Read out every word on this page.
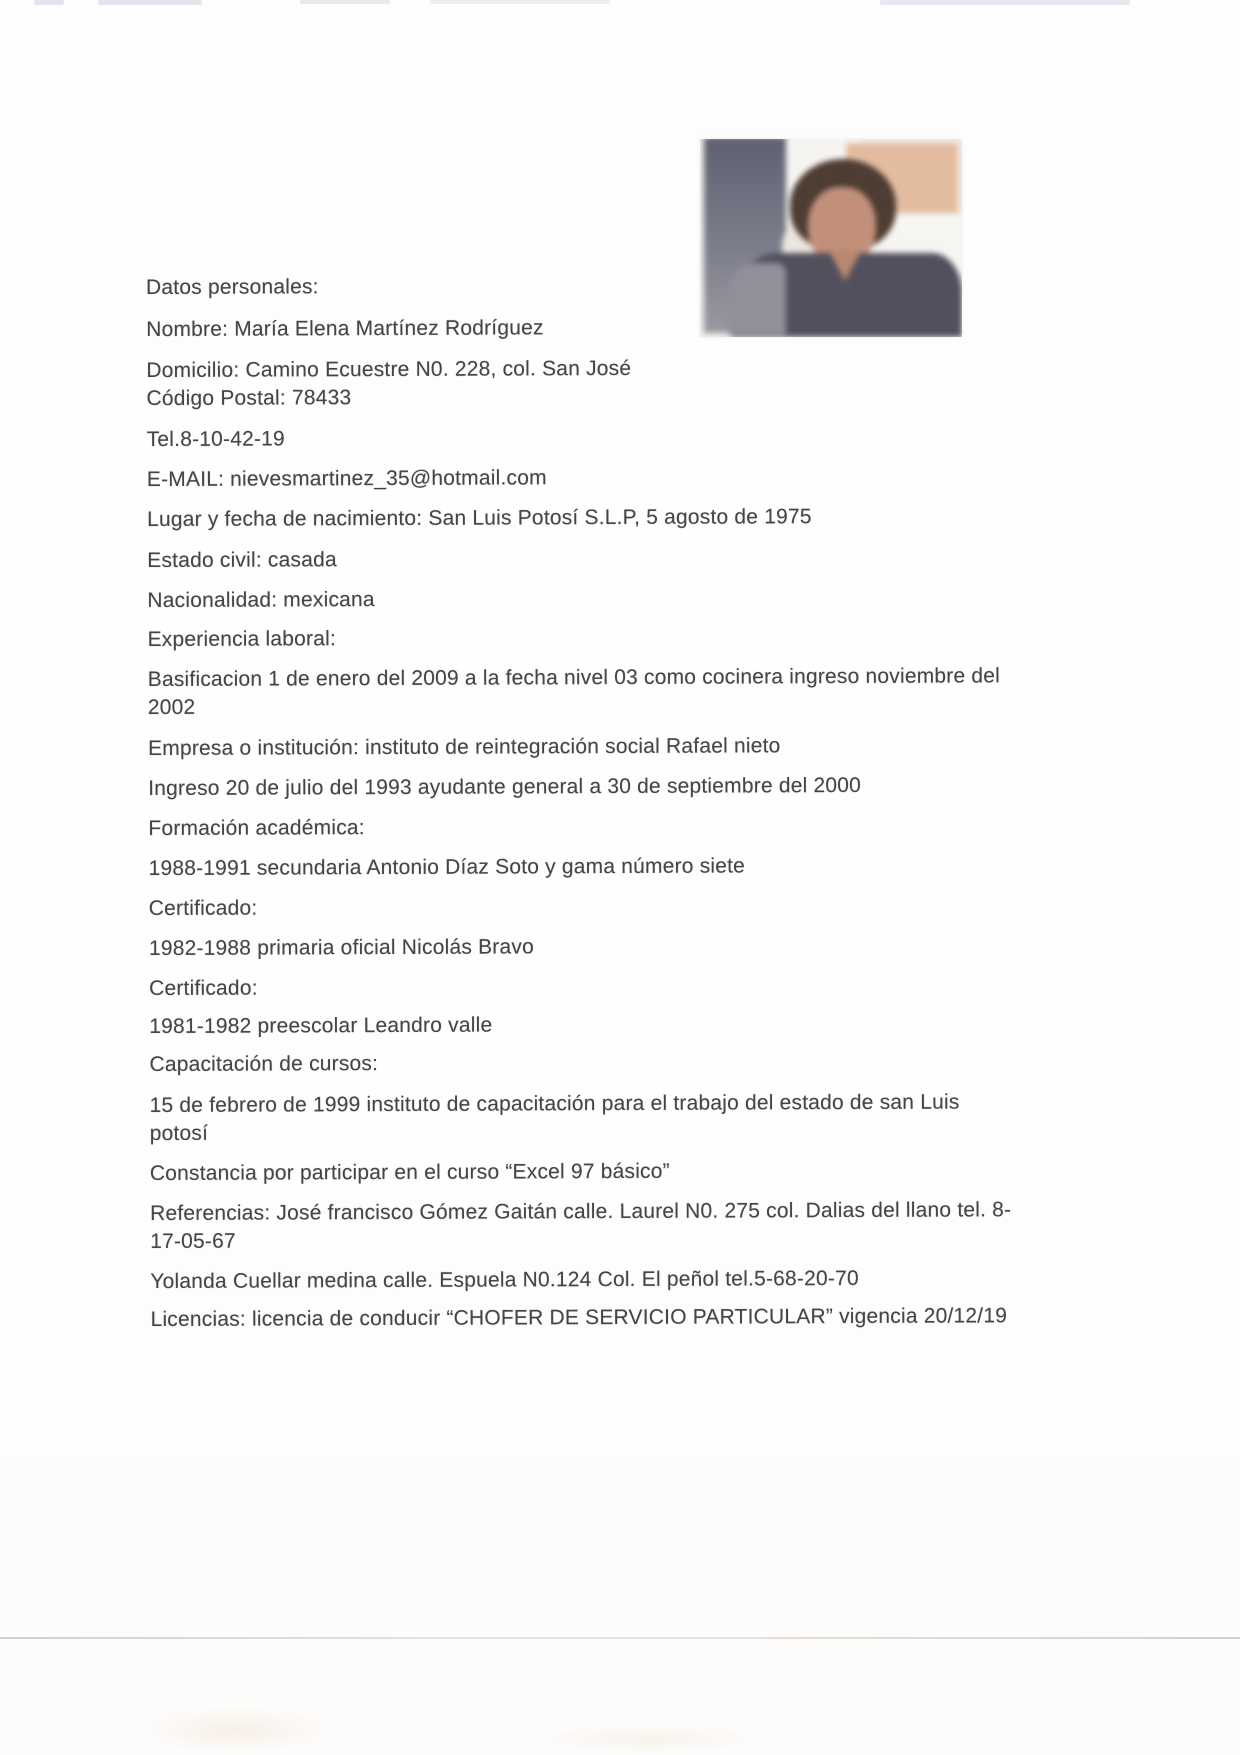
Datos personales:
Nombre: María Elena Martínez Rodríguez
Domicilio: Camino Ecuestre N0. 228, col. San José
Código Postal: 78433
Tel.8-10-42-19
E-MAIL: nievesmartinez_35@hotmail.com
Lugar y fecha de nacimiento: San Luis Potosí S.L.P, 5 agosto de 1975
Estado civil: casada
Nacionalidad: mexicana
Experiencia laboral:
Basificacion 1 de enero del 2009 a la fecha nivel 03 como cocinera ingreso noviembre del
2002
Empresa o institución: instituto de reintegración social Rafael nieto
Ingreso 20 de julio del 1993 ayudante general a 30 de septiembre del 2000
Formación académica:
1988-1991 secundaria Antonio Díaz Soto y gama número siete
Certificado:
1982-1988 primaria oficial Nicolás Bravo
Certificado:
1981-1982 preescolar Leandro valle
Capacitación de cursos:
15 de febrero de 1999 instituto de capacitación para el trabajo del estado de san Luis
potosí
Constancia por participar en el curso “Excel 97 básico”
Referencias: José francisco Gómez Gaitán calle. Laurel N0. 275 col. Dalias del llano tel. 8-
17-05-67
Yolanda Cuellar medina calle. Espuela N0.124 Col. El peñol tel.5-68-20-70
Licencias: licencia de conducir “CHOFER DE SERVICIO PARTICULAR” vigencia 20/12/19
